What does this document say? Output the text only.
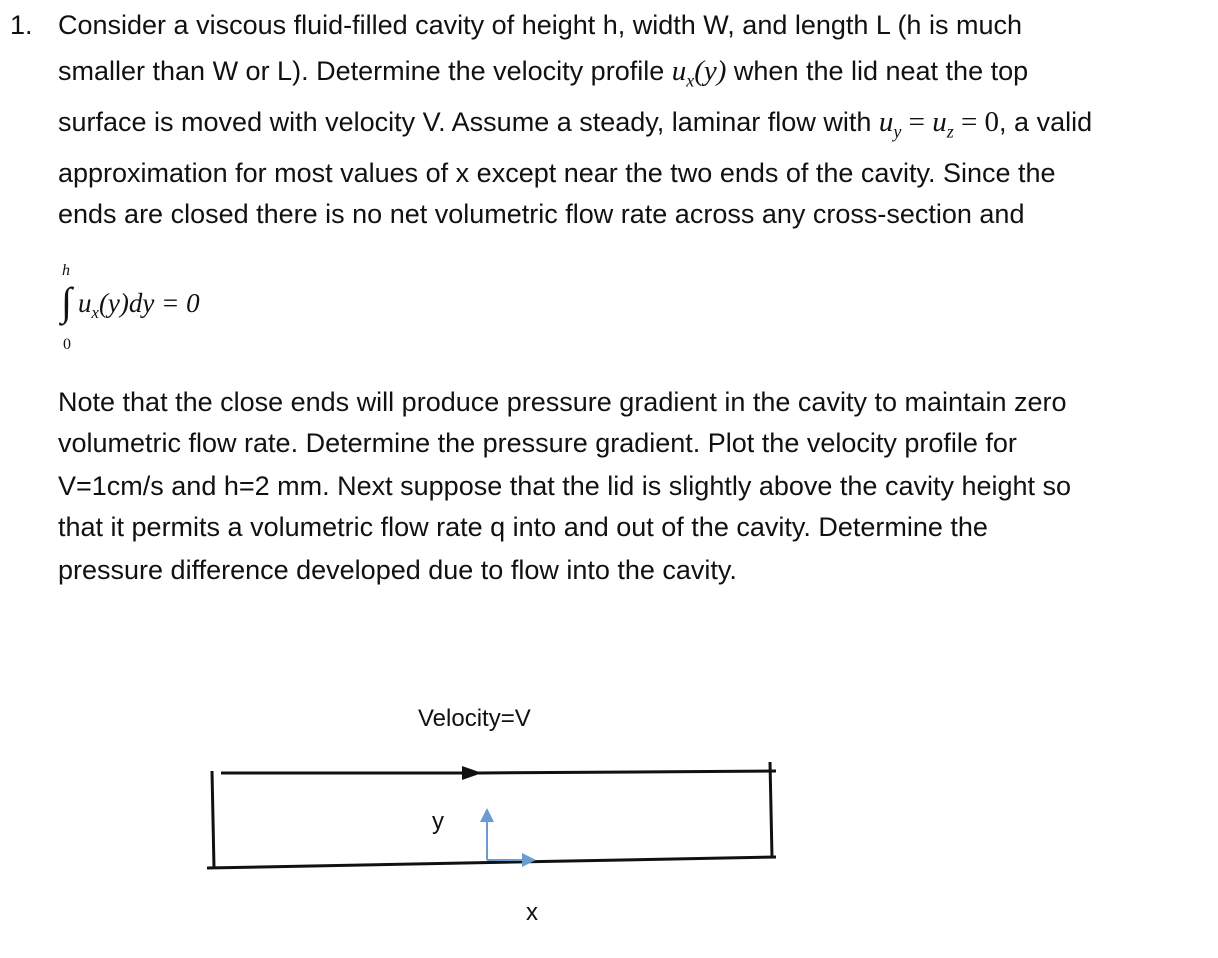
1. Consider a viscous fluid-filled cavity of height h, width W, and length L (h is much
smaller than W or L). Determine the velocity profile $u_x(y)$ when the lid neat the top
surface is moved with velocity V. Assume a steady, laminar flow with $u_y = u_z = 0$, a valid
approximation for most values of x except near the two ends of the cavity. Since the
ends are closed there is no net volumetric flow rate across any cross-section and
h
∫ $u_x(y)dy = 0$
0
Note that the close ends will produce pressure gradient in the cavity to maintain zero
volumetric flow rate. Determine the pressure gradient. Plot the velocity profile for
V=1cm/s and h=2 mm. Next suppose that the lid is slightly above the cavity height so
that it permits a volumetric flow rate q into and out of the cavity. Determine the
pressure difference developed due to flow into the cavity.
Velocity=V
y
x
